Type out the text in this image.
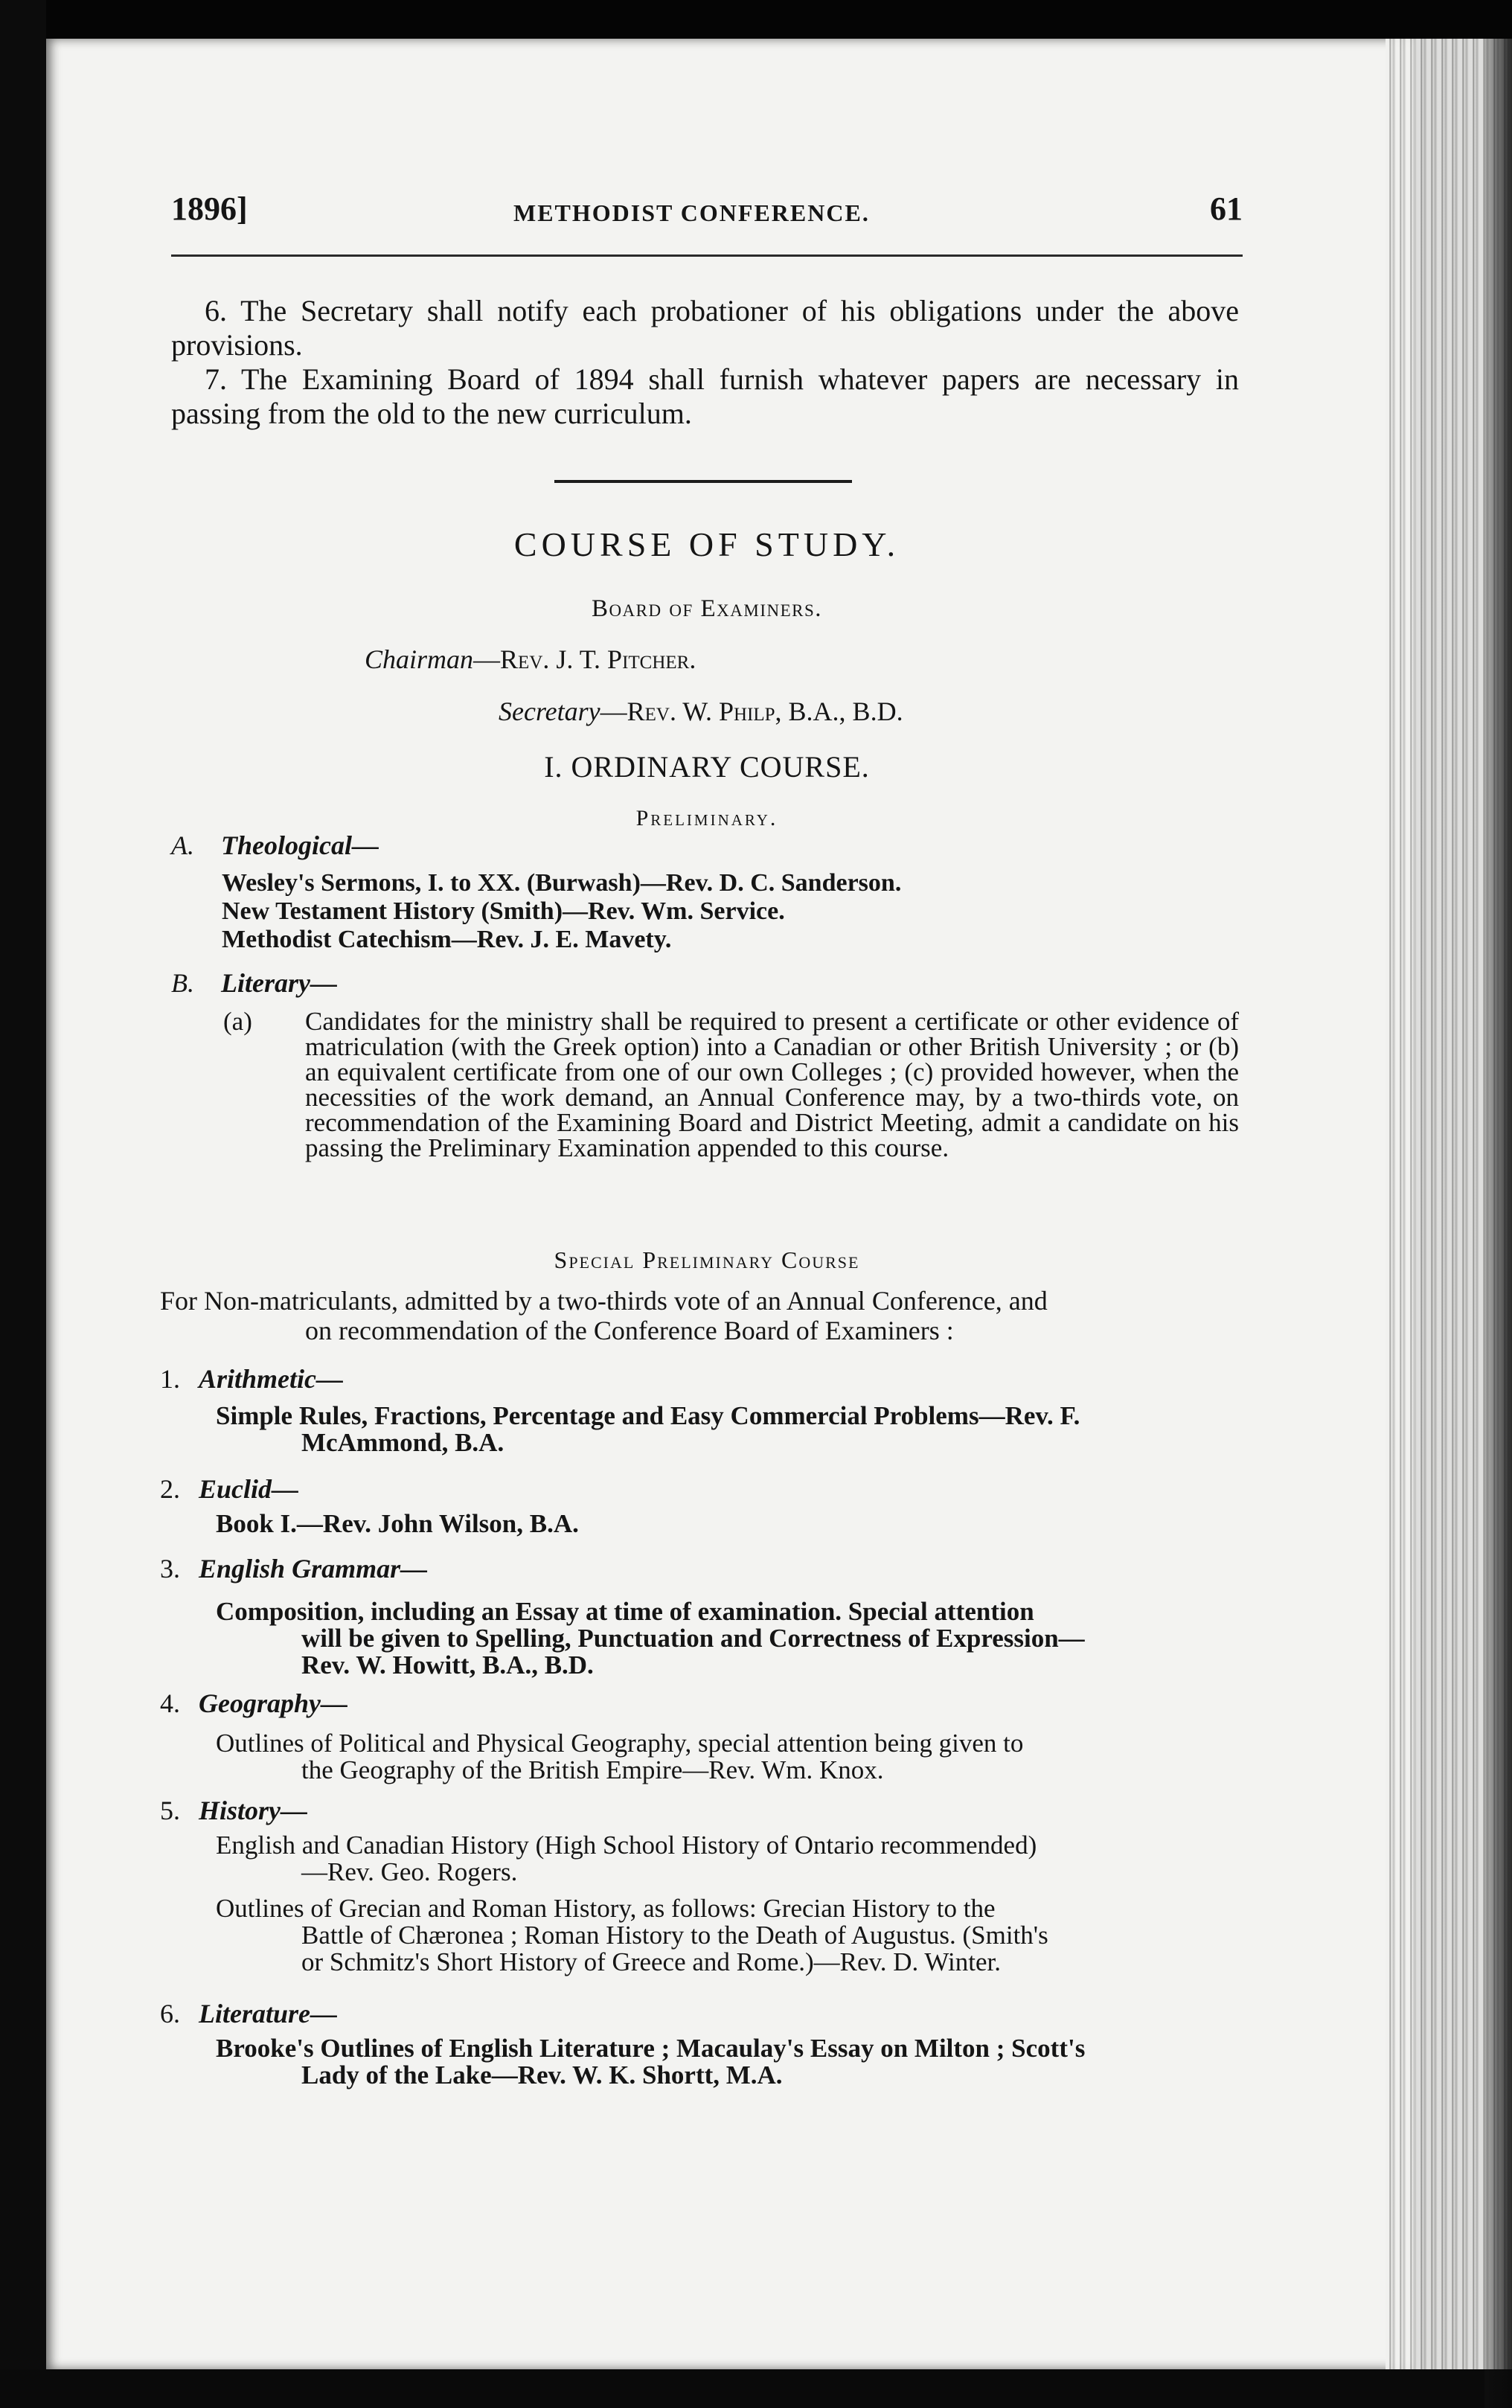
1896]	METHODIST CONFERENCE.	61
6. The Secretary shall notify each probationer of his obligations under the above provisions.
7. The Examining Board of 1894 shall furnish whatever papers are necessary in passing from the old to the new curriculum.
COURSE OF STUDY.
Board of Examiners.
Chairman—Rev. J. T. Pitcher.
Secretary—Rev. W. Philp, B.A., B.D.
I. ORDINARY COURSE.
Preliminary.
A. Theological—
Wesley's Sermons, I. to XX. (Burwash)—Rev. D. C. Sanderson.
New Testament History (Smith)—Rev. Wm. Service.
Methodist Catechism—Rev. J. E. Mavety.
B. Literary—
(a) Candidates for the ministry shall be required to present a certificate or other evidence of matriculation (with the Greek option) into a Canadian or other British University ; or (b) an equivalent certificate from one of our own Colleges ; (c) provided however, when the necessities of the work demand, an Annual Conference may, by a two-thirds vote, on recommendation of the Examining Board and District Meeting, admit a candidate on his passing the Preliminary Examination appended to this course.
Special Preliminary Course
For Non-matriculants, admitted by a two-thirds vote of an Annual Conference, and
on recommendation of the Conference Board of Examiners :
1. Arithmetic—
Simple Rules, Fractions, Percentage and Easy Commercial Problems—Rev. F.
McAmmond, B.A.
2. Euclid—
Book I.—Rev. John Wilson, B.A.
3. English Grammar—
Composition, including an Essay at time of examination. Special attention
will be given to Spelling, Punctuation and Correctness of Expression—
Rev. W. Howitt, B.A., B.D.
4. Geography—
Outlines of Political and Physical Geography, special attention being given to
the Geography of the British Empire—Rev. Wm. Knox.
5. History—
English and Canadian History (High School History of Ontario recommended)
—Rev. Geo. Rogers.
Outlines of Grecian and Roman History, as follows: Grecian History to the
Battle of Chæronea ; Roman History to the Death of Augustus. (Smith's
or Schmitz's Short History of Greece and Rome.)—Rev. D. Winter.
6. Literature—
Brooke's Outlines of English Literature ; Macaulay's Essay on Milton ; Scott's
Lady of the Lake—Rev. W. K. Shortt, M.A.
